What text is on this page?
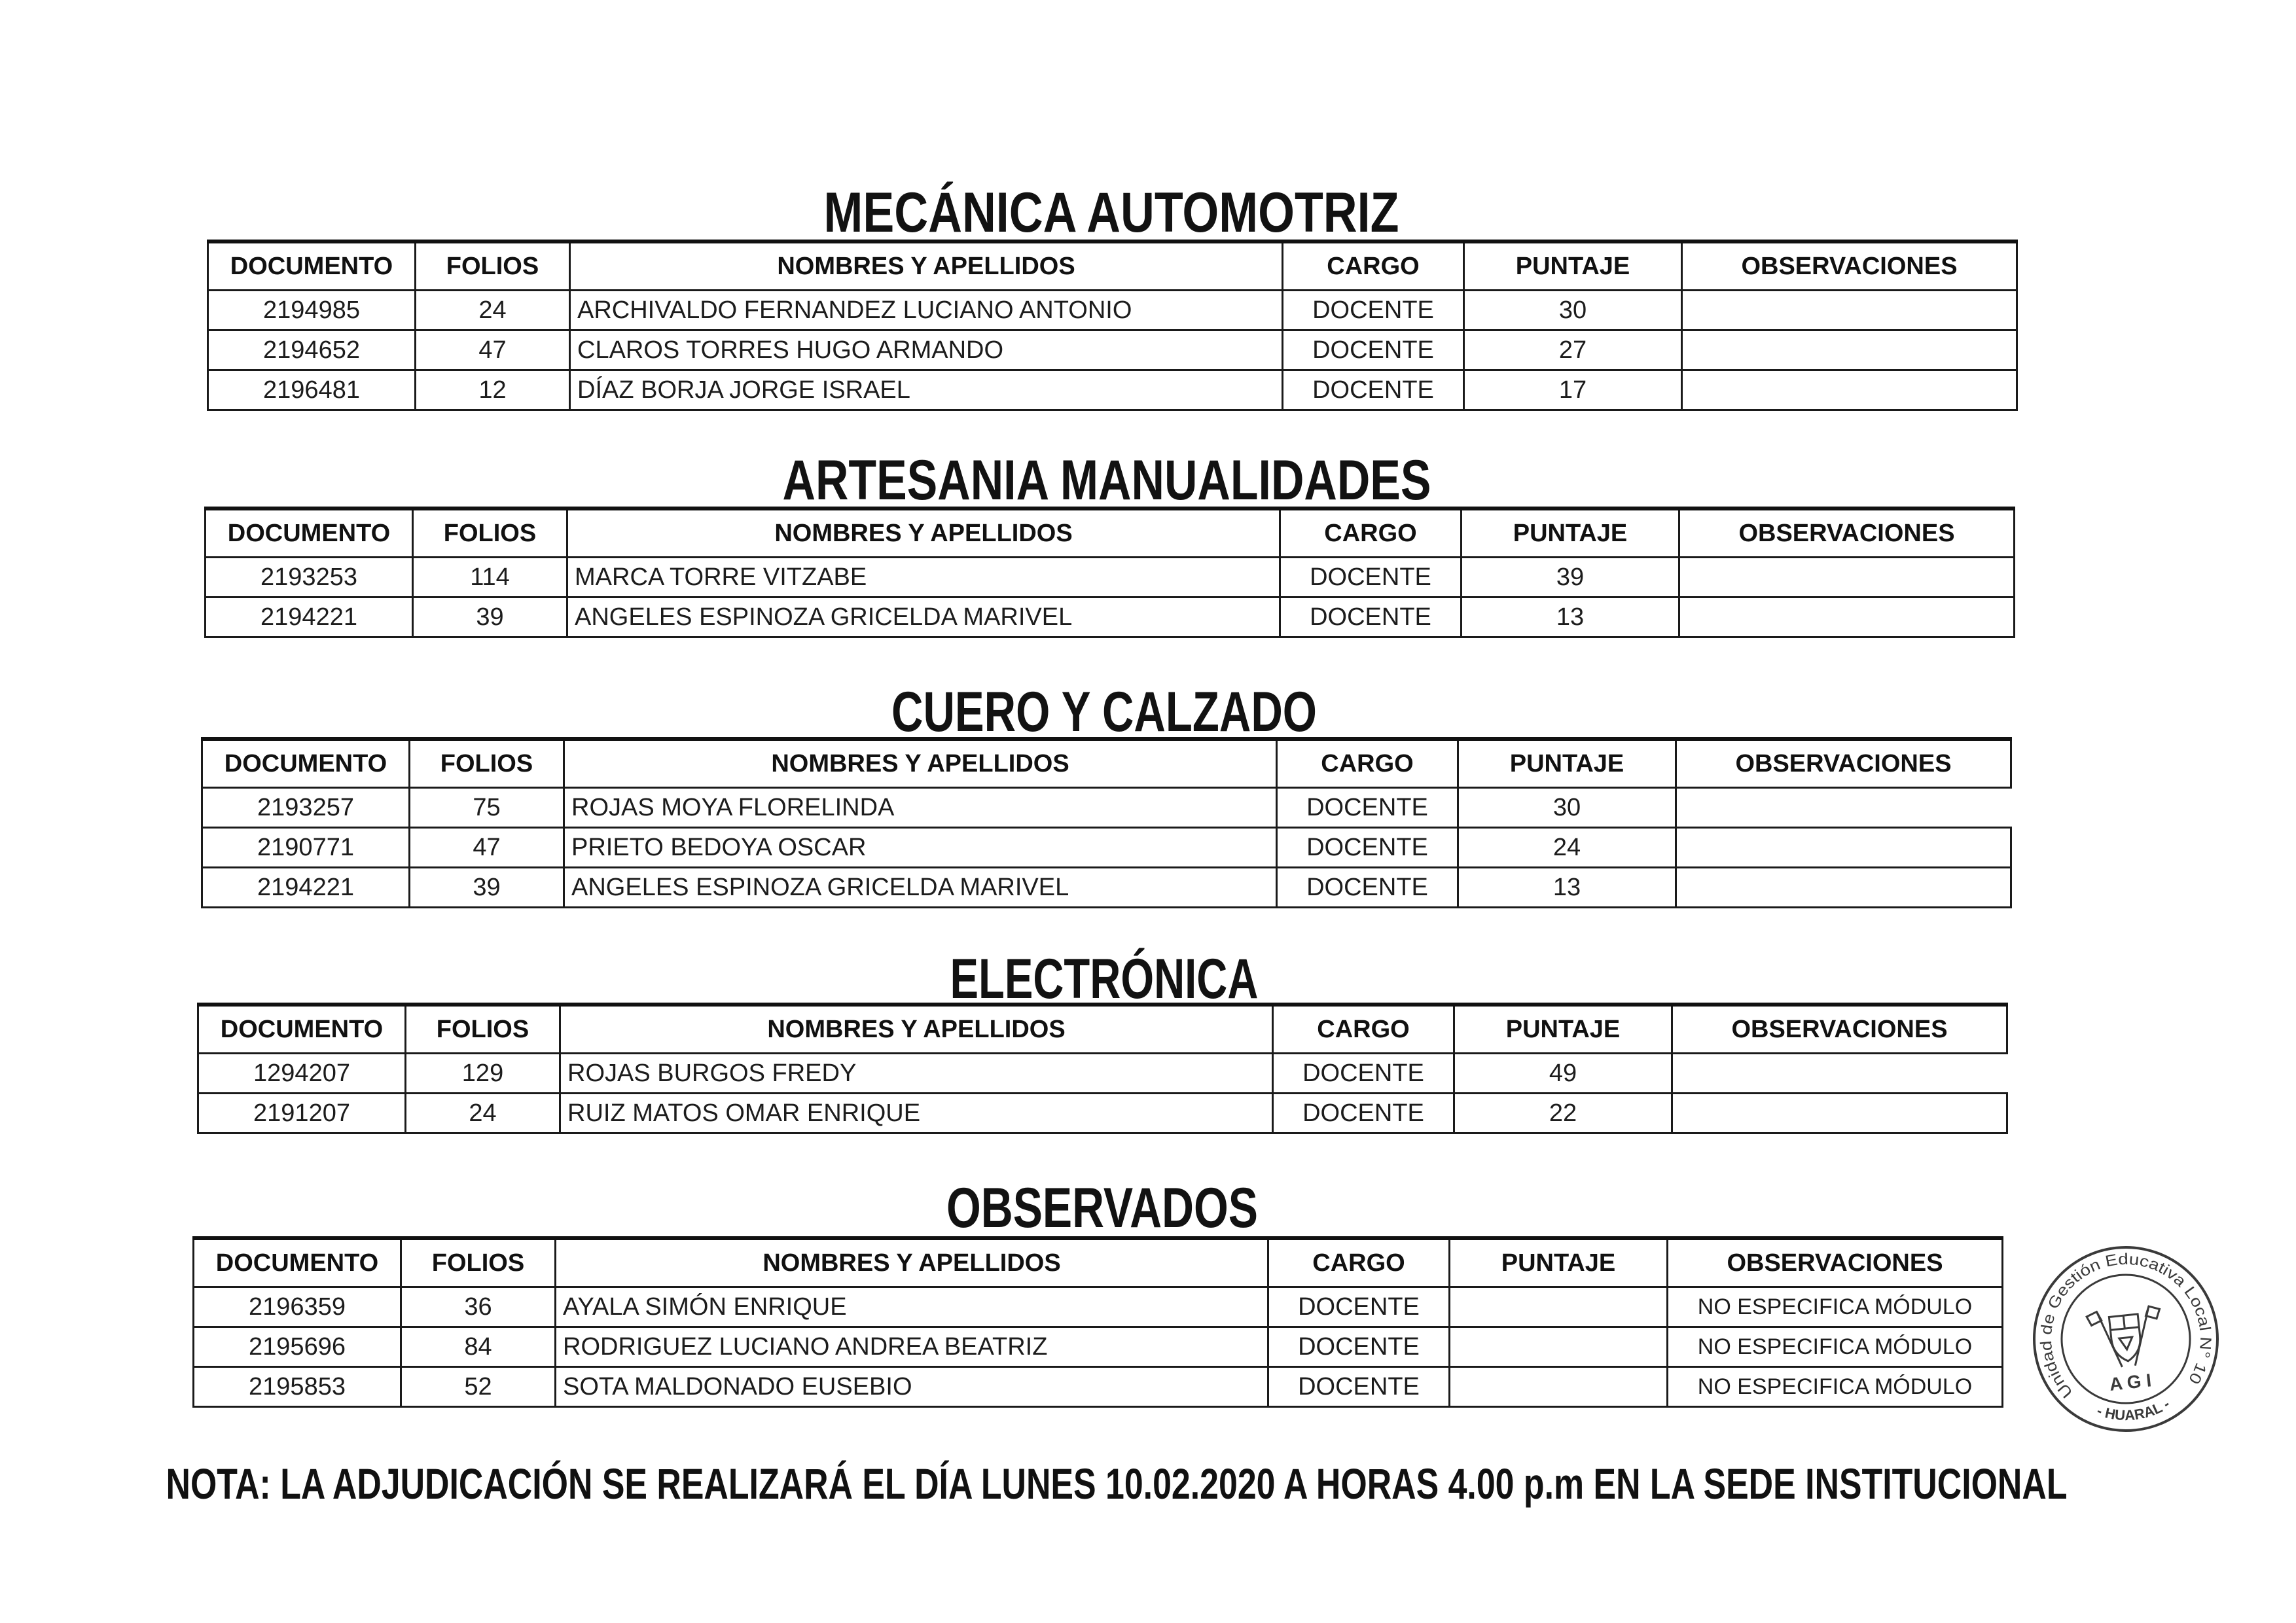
MECÁNICA AUTOMOTRIZ
DOCUMENTO	FOLIOS	NOMBRES Y APELLIDOS	CARGO	PUNTAJE	OBSERVACIONES
2194985	24	ARCHIVALDO FERNANDEZ LUCIANO ANTONIO	DOCENTE	30	
2194652	47	CLAROS TORRES HUGO ARMANDO	DOCENTE	27	
2196481	12	DÍAZ BORJA JORGE ISRAEL	DOCENTE	17	
ARTESANIA MANUALIDADES
DOCUMENTO	FOLIOS	NOMBRES Y APELLIDOS	CARGO	PUNTAJE	OBSERVACIONES
2193253	114	MARCA TORRE VITZABE	DOCENTE	39	
2194221	39	ANGELES ESPINOZA GRICELDA MARIVEL	DOCENTE	13	
CUERO Y CALZADO
DOCUMENTO	FOLIOS	NOMBRES Y APELLIDOS	CARGO	PUNTAJE	OBSERVACIONES
2193257	75	ROJAS MOYA FLORELINDA	DOCENTE	30	
2190771	47	PRIETO BEDOYA OSCAR	DOCENTE	24	
2194221	39	ANGELES ESPINOZA GRICELDA MARIVEL	DOCENTE	13	
ELECTRÓNICA
DOCUMENTO	FOLIOS	NOMBRES Y APELLIDOS	CARGO	PUNTAJE	OBSERVACIONES
1294207	129	ROJAS BURGOS FREDY	DOCENTE	49	
2191207	24	RUIZ MATOS OMAR ENRIQUE	DOCENTE	22	
OBSERVADOS
DOCUMENTO	FOLIOS	NOMBRES Y APELLIDOS	CARGO	PUNTAJE	OBSERVACIONES
2196359	36	AYALA SIMÓN ENRIQUE	DOCENTE		NO ESPECIFICA MÓDULO
2195696	84	RODRIGUEZ LUCIANO ANDREA BEATRIZ	DOCENTE		NO ESPECIFICA MÓDULO
2195853	52	SOTA MALDONADO EUSEBIO	DOCENTE		NO ESPECIFICA MÓDULO	Unidad de Gestión Educativa Local N° 10
- HUARAL -
A G I
NOTA: LA ADJUDICACIÓN SE REALIZARÁ EL DÍA LUNES 10.02.2020 A HORAS 4.00 p.m EN LA SEDE INSTITUCIONAL
